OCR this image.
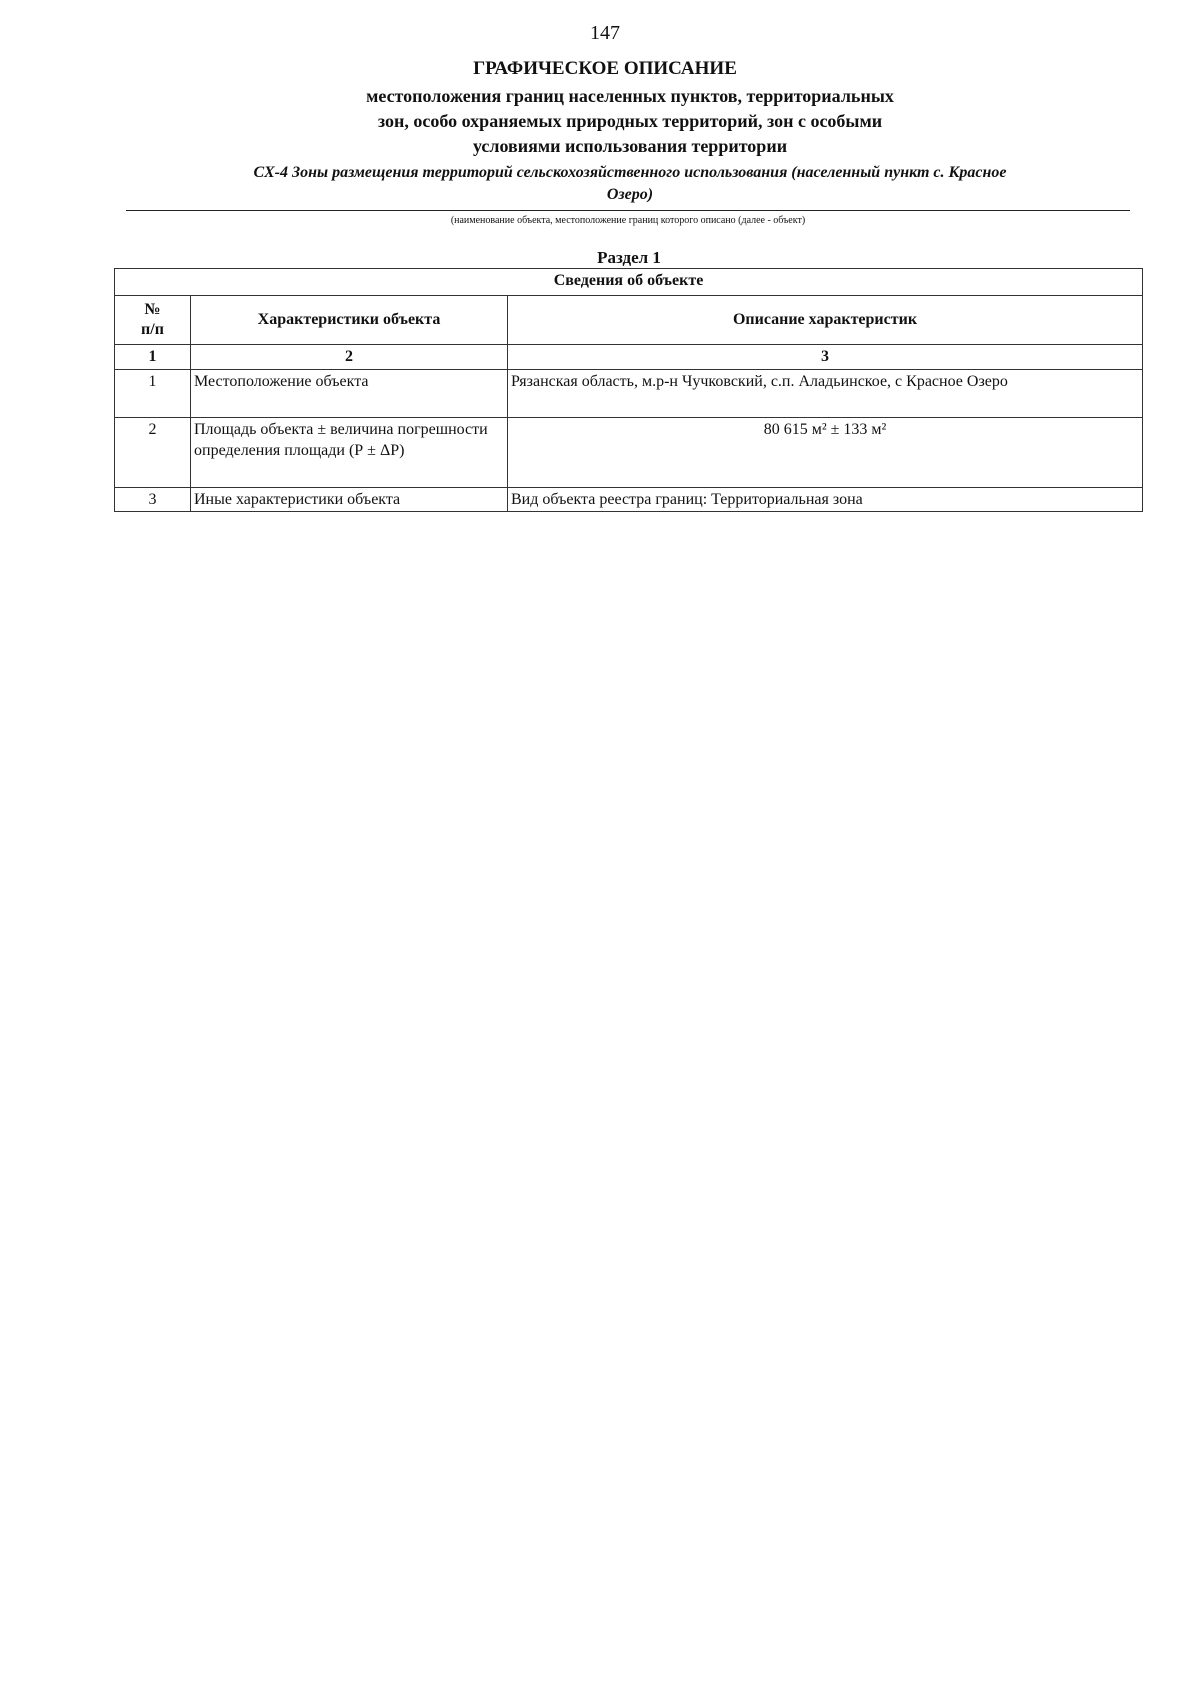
147
ГРАФИЧЕСКОЕ ОПИСАНИЕ
местоположения границ населенных пунктов, территориальных
зон, особо охраняемых природных территорий, зон с особыми
условиями использования территории
СХ-4 Зоны размещения территорий сельскохозяйственного использования (населенный пункт с. Красное
Озеро)
(наименование объекта, местоположение границ которого описано (далее - объект)
Раздел 1
Сведения об объекте		

№
п/п	Характеристики объекта	Описание характеристик
1	2	3
1	Местоположение объекта	Рязанская область, м.р-н Чучковский, с.п. Аладьинское, с Красное Озеро
2	Площадь объекта ± величина погрешности определения площади (Р ± ΔР)	80 615 м² ± 133 м²
3	Иные характеристики объекта	Вид объекта реестра границ: Территориальная зона
